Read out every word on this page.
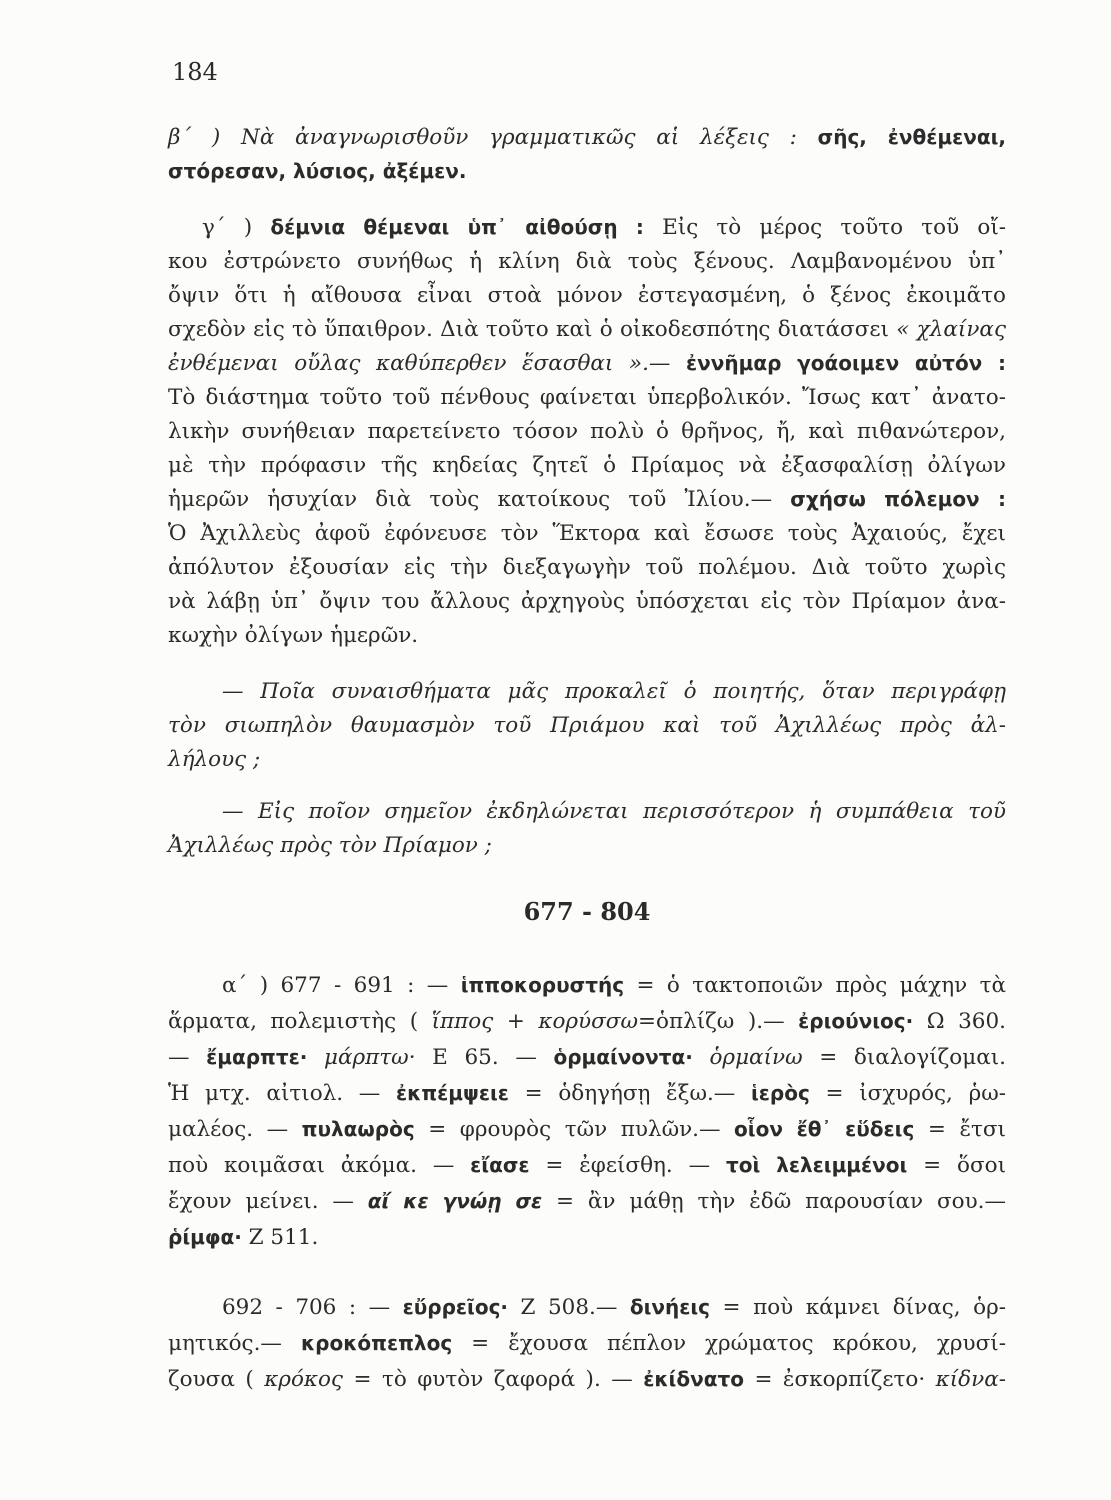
184
β΄ ) Νὰ ἀναγνωρισθοῦν γραμματικῶς αἱ λέξεις : σῆς, ἐνθέμεναι,
στόρεσαν, λύσιος, ἀξέμεν.
γ΄ ) δέμνια θέμεναι ὑπ᾽ αἰθούσῃ : Εἰς τὸ μέρος τοῦτο τοῦ οἴ-
κου ἐστρώνετο συνήθως ἡ κλίνη διὰ τοὺς ξένους. Λαμβανομένου ὑπ᾽
ὄψιν ὅτι ἡ αἴθουσα εἶναι στοὰ μόνον ἐστεγασμένη, ὁ ξένος ἐκοιμᾶτο
σχεδὸν εἰς τὸ ὕπαιθρον. Διὰ τοῦτο καὶ ὁ οἰκοδεσπότης διατάσσει « χλαίνας
ἐνθέμεναι οὔλας καθύπερθεν ἕσασθαι ».— ἐννῆμαρ γοάοιμεν αὐτόν :
Τὸ διάστημα τοῦτο τοῦ πένθους φαίνεται ὑπερβολικόν. Ἴσως κατ᾽ ἀνατο-
λικὴν συνήθειαν παρετείνετο τόσον πολὺ ὁ θρῆνος, ἤ, καὶ πιθανώτερον,
μὲ τὴν πρόφασιν τῆς κηδείας ζητεῖ ὁ Πρίαμος νὰ ἐξασφαλίσῃ ὀλίγων
ἡμερῶν ἡσυχίαν διὰ τοὺς κατοίκους τοῦ Ἰλίου.— σχήσω πόλεμον :
Ὁ Ἀχιλλεὺς ἀφοῦ ἐφόνευσε τὸν Ἕκτορα καὶ ἔσωσε τοὺς Ἀχαιούς, ἔχει
ἀπόλυτον ἐξουσίαν εἰς τὴν διεξαγωγὴν τοῦ πολέμου. Διὰ τοῦτο χωρὶς
νὰ λάβῃ ὑπ᾽ ὄψιν του ἄλλους ἀρχηγοὺς ὑπόσχεται εἰς τὸν Πρίαμον ἀνα-
κωχὴν ὀλίγων ἡμερῶν.
— Ποῖα συναισθήματα μᾶς προκαλεῖ ὁ ποιητής, ὅταν περιγράφῃ
τὸν σιωπηλὸν θαυμασμὸν τοῦ Πριάμου καὶ τοῦ Ἀχιλλέως πρὸς ἀλ-
λήλους ;
— Εἰς ποῖον σημεῖον ἐκδηλώνεται περισσότερον ἡ συμπάθεια τοῦ
Ἀχιλλέως πρὸς τὸν Πρίαμον ;
677 - 804
α΄ ) 677 - 691 : — ἱπποκορυστής = ὁ τακτοποιῶν πρὸς μάχην τὰ
ἅρματα, πολεμιστὴς ( ἵππος + κορύσσω=ὁπλίζω ).— ἐριούνιος· Ω 360.
— ἔμαρπτε· μάρπτω· Ε 65. — ὁρμαίνοντα· ὁρμαίνω = διαλογίζομαι.
Ἡ μτχ. αἰτιολ. — ἐκπέμψειε = ὁδηγήσῃ ἔξω.— ἱερὸς = ἰσχυρός, ῥω-
μαλέος. — πυλαωρὸς = φρουρὸς τῶν πυλῶν.— οἷον ἔθ᾽ εὕδεις = ἔτσι
ποὺ κοιμᾶσαι ἀκόμα. — εἴασε = ἐφείσθη. — τοὶ λελειμμένοι = ὅσοι
ἔχουν μείνει. — αἴ κε γνώῃ σε = ἂν μάθῃ τὴν ἐδῶ παρουσίαν σου.—
ῥίμφα· Ζ 511.
692 - 706 : — εὔρρεῖος· Ζ 508.— δινήεις = ποὺ κάμνει δίνας, ὁρ-
μητικός.— κροκόπεπλος = ἔχουσα πέπλον χρώματος κρόκου, χρυσί-
ζουσα ( κρόκος = τὸ φυτὸν ζαφορά ). — ἐκίδνατο = ἐσκορπίζετο· κίδνα-
